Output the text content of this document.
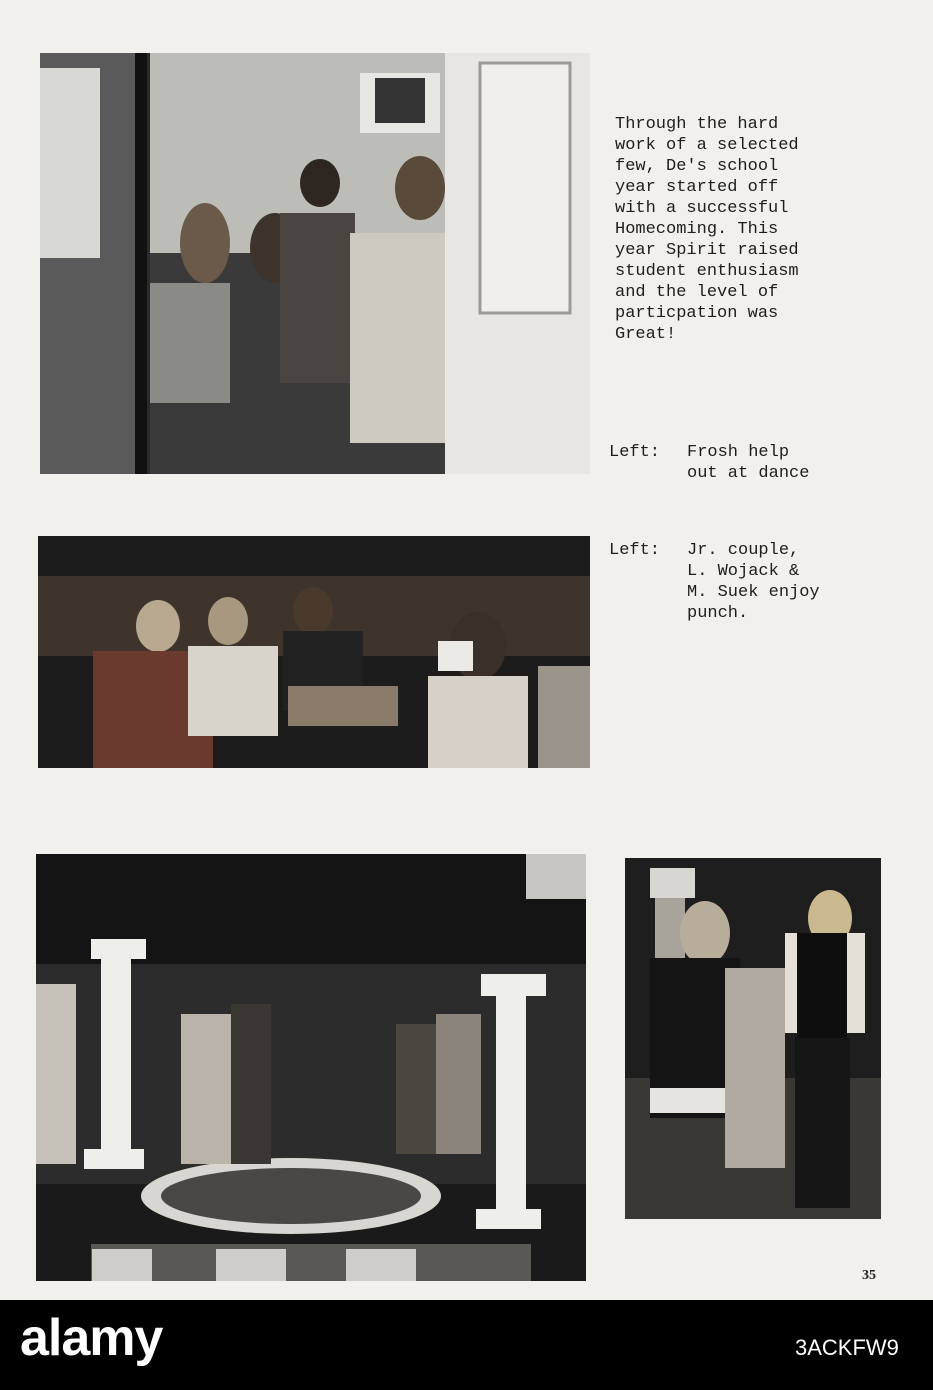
Through the hard
work of a selected
few, De's school
year started off
with a successful
Homecoming. This
year Spirit raised
student enthusiasm
and the level of
particpation was
Great!
Left: Frosh help
out at dance
Left: Jr. couple,
L. Wojack &
M. Suek enjoy
punch.
35
alamy	3ACKFW9
